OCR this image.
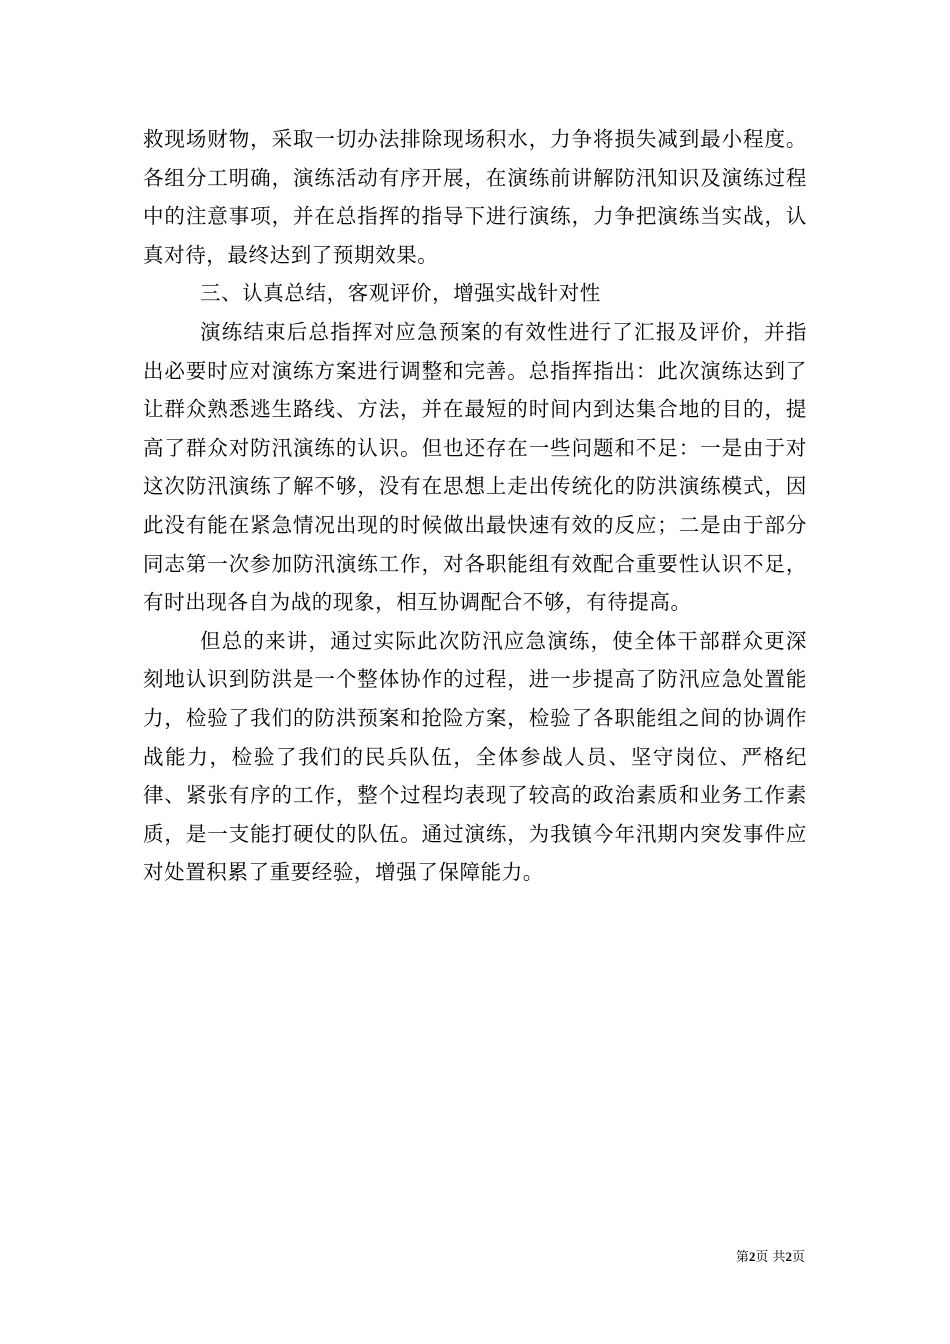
救现场财物，采取一切办法排除现场积水，力争将损失减到最小程度。各组分工明确，演练活动有序开展，在演练前讲解防汛知识及演练过程中的注意事项，并在总指挥的指导下进行演练，力争把演练当实战，认真对待，最终达到了预期效果。

三、认真总结，客观评价，增强实战针对性

演练结束后总指挥对应急预案的有效性进行了汇报及评价，并指出必要时应对演练方案进行调整和完善。总指挥指出：此次演练达到了让群众熟悉逃生路线、方法，并在最短的时间内到达集合地的目的，提高了群众对防汛演练的认识。但也还存在一些问题和不足：一是由于对这次防汛演练了解不够，没有在思想上走出传统化的防洪演练模式，因此没有能在紧急情况出现的时候做出最快速有效的反应；二是由于部分同志第一次参加防汛演练工作，对各职能组有效配合重要性认识不足，有时出现各自为战的现象，相互协调配合不够，有待提高。

但总的来讲，通过实际此次防汛应急演练，使全体干部群众更深刻地认识到防洪是一个整体协作的过程，进一步提高了防汛应急处置能力，检验了我们的防洪预案和抢险方案，检验了各职能组之间的协调作战能力，检验了我们的民兵队伍，全体参战人员、坚守岗位、严格纪律、紧张有序的工作，整个过程均表现了较高的政治素质和业务工作素质，是一支能打硬仗的队伍。通过演练，为我镇今年汛期内突发事件应对处置积累了重要经验，增强了保障能力。

第2页 共2页
